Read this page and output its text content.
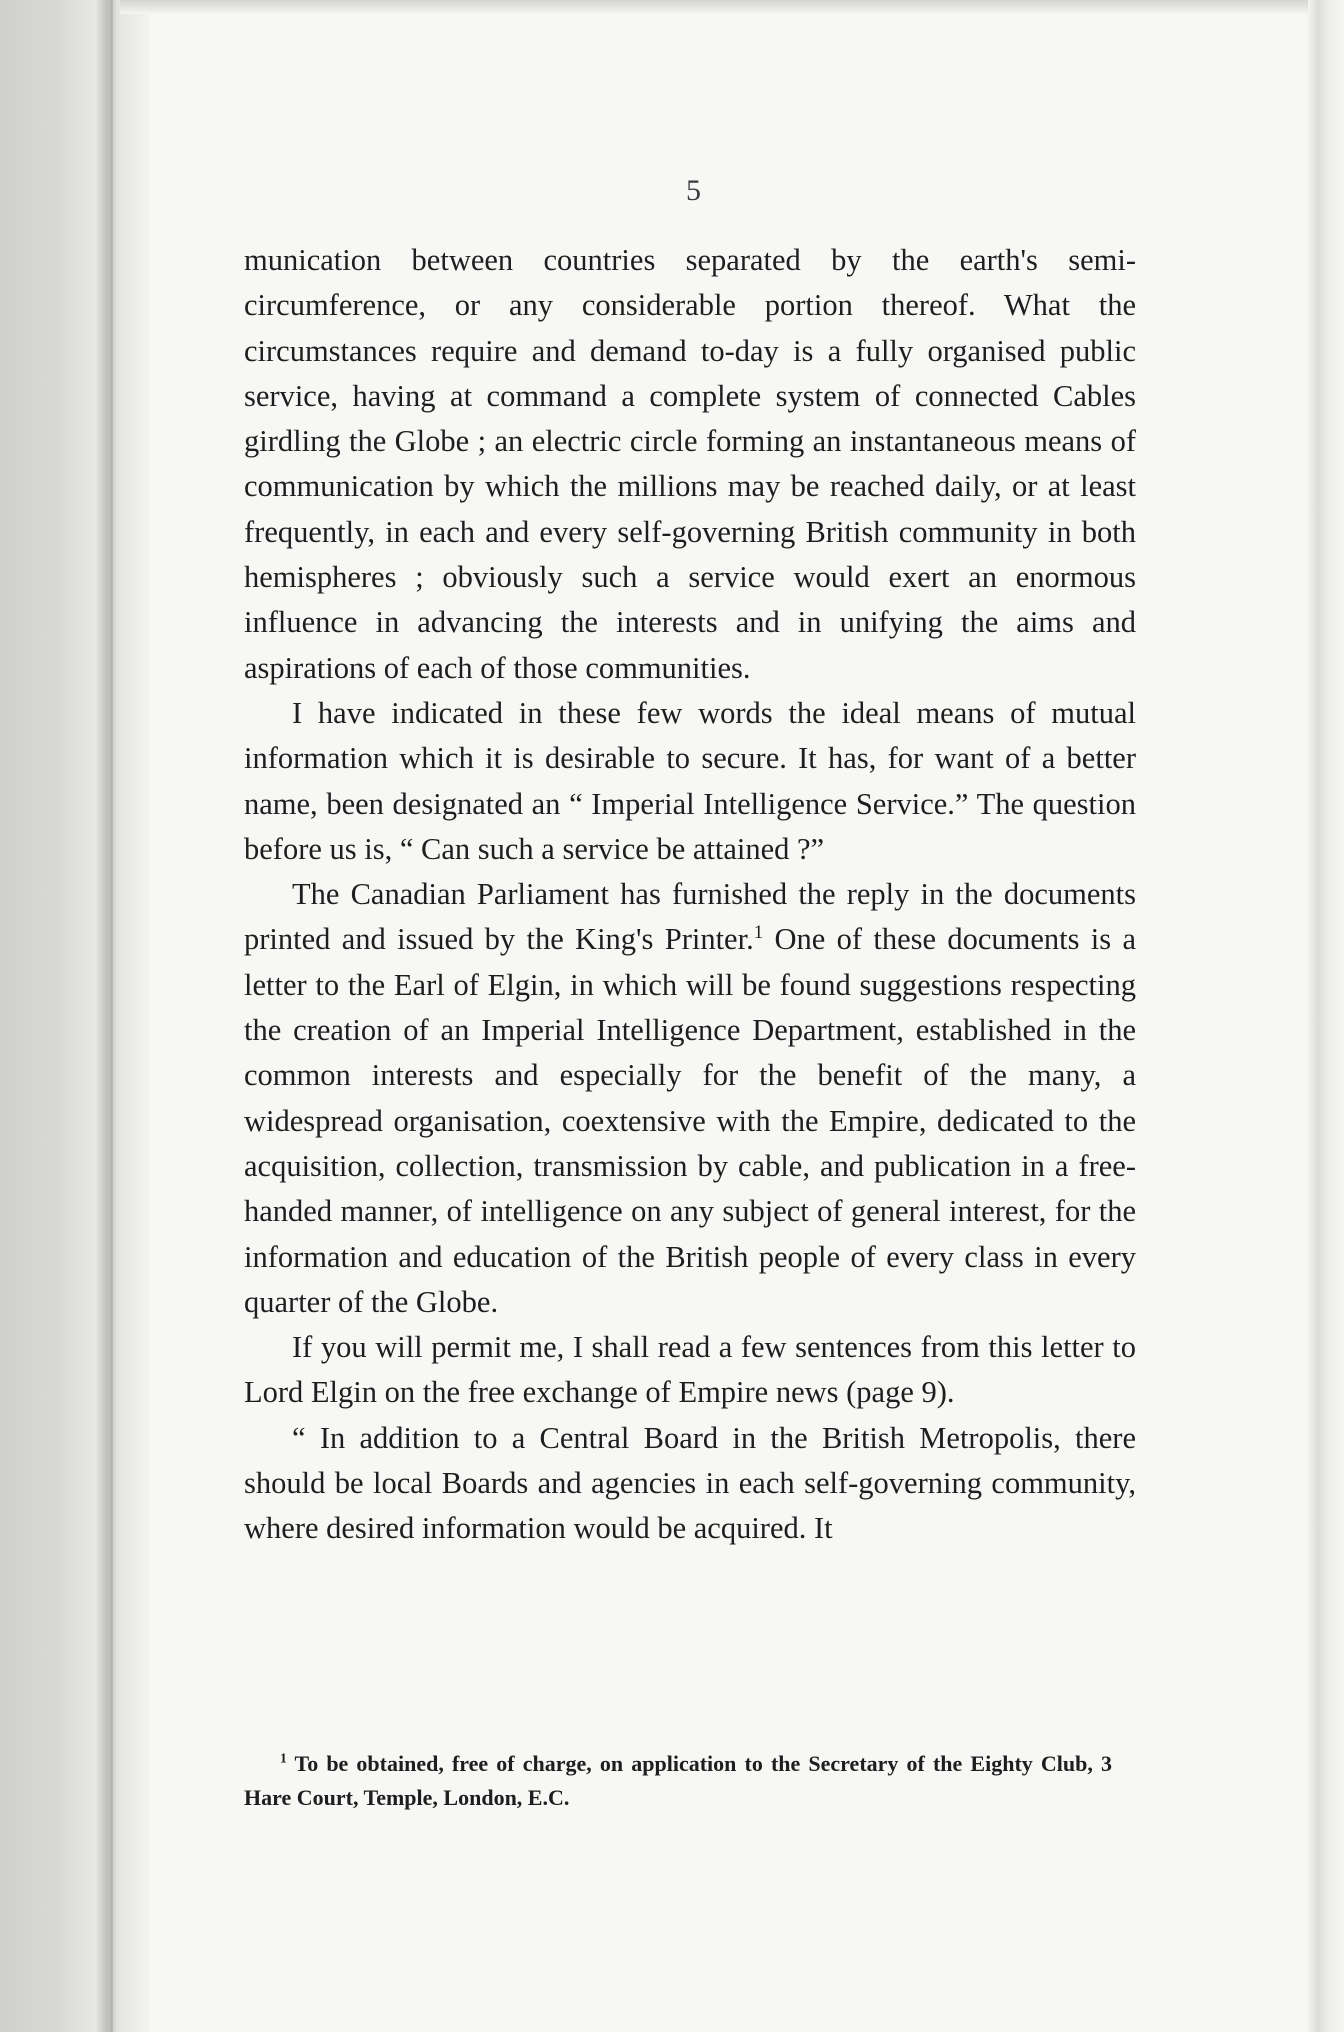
5

munication between countries separated by the earth's semi-circumference, or any considerable portion thereof. What the circumstances require and demand to-day is a fully organised public service, having at command a complete system of connected Cables girdling the Globe ; an electric circle forming an instantaneous means of communication by which the millions may be reached daily, or at least frequently, in each and every self-governing British community in both hemispheres ; obviously such a service would exert an enormous influence in advancing the interests and in unifying the aims and aspirations of each of those communities.

I have indicated in these few words the ideal means of mutual information which it is desirable to secure. It has, for want of a better name, been designated an “ Imperial Intelligence Service.” The question before us is, “ Can such a service be attained ?”

The Canadian Parliament has furnished the reply in the documents printed and issued by the King's Printer.$^1$ One of these documents is a letter to the Earl of Elgin, in which will be found suggestions respecting the creation of an Imperial Intelligence Department, established in the common interests and especially for the benefit of the many, a widespread organisation, coextensive with the Empire, dedicated to the acquisition, collection, transmission by cable, and publication in a free-handed manner, of intelligence on any subject of general interest, for the information and education of the British people of every class in every quarter of the Globe.

If you will permit me, I shall read a few sentences from this letter to Lord Elgin on the free exchange of Empire news (page 9).

“ In addition to a Central Board in the British Metropolis, there should be local Boards and agencies in each self-governing community, where desired information would be acquired. It

$^1$ To be obtained, free of charge, on application to the Secretary of the Eighty Club, 3 Hare Court, Temple, London, E.C.
